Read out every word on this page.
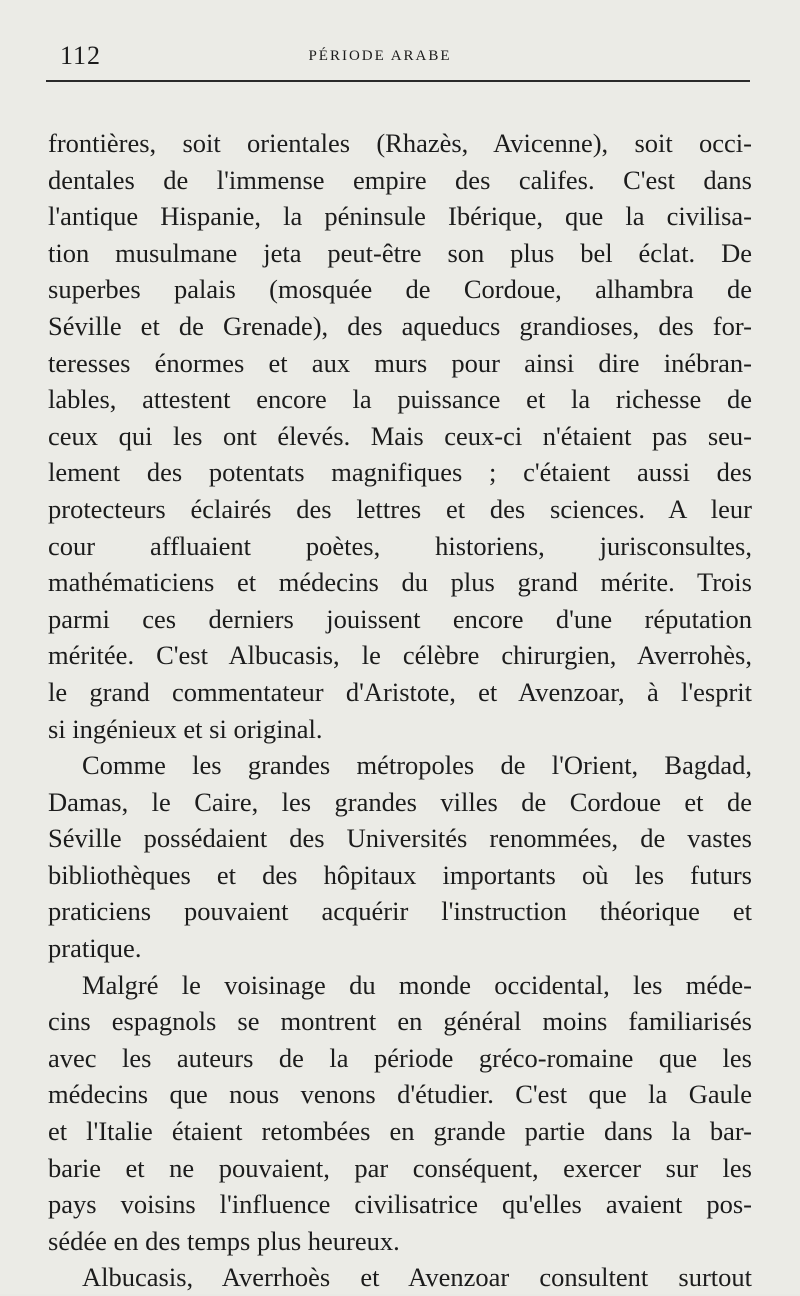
112	PÉRIODE ARABE
frontières, soit orientales (Rhazès, Avicenne), soit occi-
dentales de l'immense empire des califes. C'est dans
l'antique Hispanie, la péninsule Ibérique, que la civilisa-
tion musulmane jeta peut-être son plus bel éclat. De
superbes palais (mosquée de Cordoue, alhambra de
Séville et de Grenade), des aqueducs grandioses, des for-
teresses énormes et aux murs pour ainsi dire inébran-
lables, attestent encore la puissance et la richesse de
ceux qui les ont élevés. Mais ceux-ci n'étaient pas seu-
lement des potentats magnifiques ; c'étaient aussi des
protecteurs éclairés des lettres et des sciences. A leur
cour affluaient poètes, historiens, jurisconsultes,
mathématiciens et médecins du plus grand mérite. Trois
parmi ces derniers jouissent encore d'une réputation
méritée. C'est Albucasis, le célèbre chirurgien, Averrohès,
le grand commentateur d'Aristote, et Avenzoar, à l'esprit
si ingénieux et si original.
Comme les grandes métropoles de l'Orient, Bagdad,
Damas, le Caire, les grandes villes de Cordoue et de
Séville possédaient des Universités renommées, de vastes
bibliothèques et des hôpitaux importants où les futurs
praticiens pouvaient acquérir l'instruction théorique et
pratique.
Malgré le voisinage du monde occidental, les méde-
cins espagnols se montrent en général moins familiarisés
avec les auteurs de la période gréco-romaine que les
médecins que nous venons d'étudier. C'est que la Gaule
et l'Italie étaient retombées en grande partie dans la bar-
barie et ne pouvaient, par conséquent, exercer sur les
pays voisins l'influence civilisatrice qu'elles avaient pos-
sédée en des temps plus heureux.
Albucasis, Averrhoès et Avenzoar consultent surtout
